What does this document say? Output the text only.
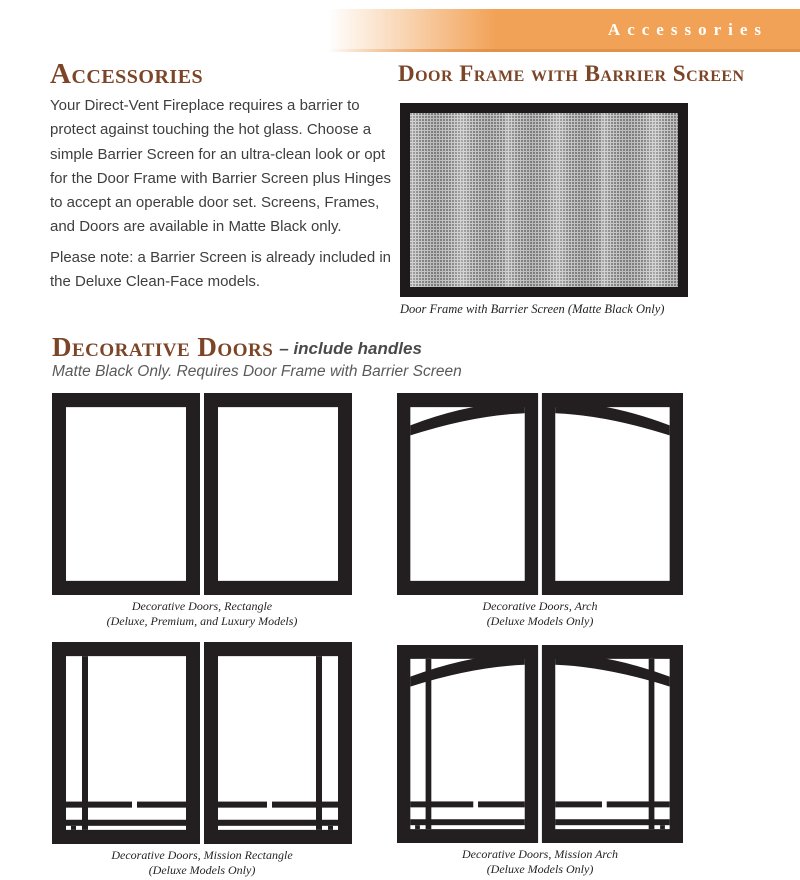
Accessories
Accessories

Your Direct-Vent Fireplace requires a barrier to protect against touching the hot glass. Choose a simple Barrier Screen for an ultra-clean look or opt for the Door Frame with Barrier Screen plus Hinges to accept an operable door set. Screens, Frames, and Doors are available in Matte Black only.

Please note: a Barrier Screen is already included in the Deluxe Clean-Face models.

Door Frame with Barrier Screen
Door Frame with Barrier Screen (Matte Black Only)
Decorative Doors – include handles
Matte Black Only. Requires Door Frame with Barrier Screen
Decorative Doors, Rectangle
(Deluxe, Premium, and Luxury Models)
Decorative Doors, Arch
(Deluxe Models Only)
Decorative Doors, Mission Rectangle
(Deluxe Models Only)
Decorative Doors, Mission Arch
(Deluxe Models Only)
